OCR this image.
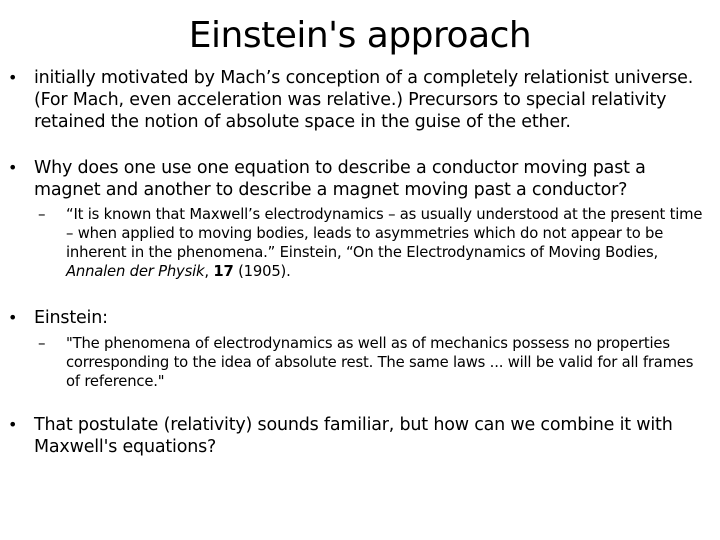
Einstein's approach
• initially motivated by Mach’s conception of a completely relationist universe. (For Mach, even acceleration was relative.) Precursors to special relativity retained the notion of absolute space in the guise of the ether.
• Why does one use one equation to describe a conductor moving past a magnet and another to describe a magnet moving past a conductor?
–	“It is known that Maxwell’s electrodynamics – as usually understood at the present time – when applied to moving bodies, leads to asymmetries which do not appear to be inherent in the phenomena.” Einstein, “On the Electrodynamics of Moving Bodies, Annalen der Physik, 17 (1905).
• Einstein:
–	"The phenomena of electrodynamics as well as of mechanics possess no properties corresponding to the idea of absolute rest. The same laws ... will be valid for all frames of reference."
• That postulate (relativity) sounds familiar, but how can we combine it with Maxwell's equations?
